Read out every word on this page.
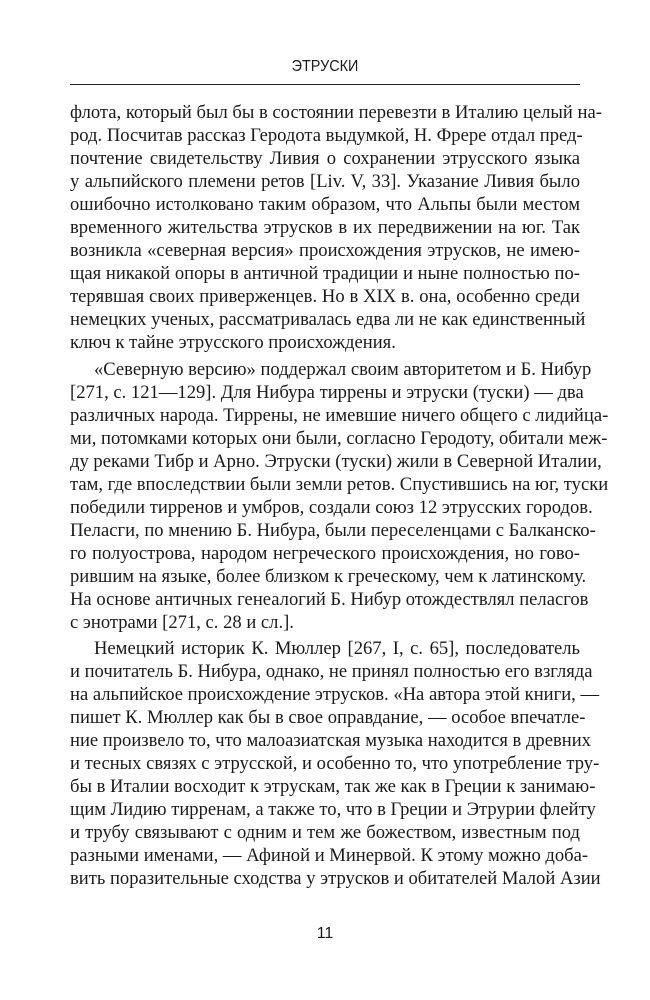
ЭТРУСКИ
флота, который был бы в состоянии перевезти в Италию целый на-
род. Посчитав рассказ Геродота выдумкой, Н. Фрере отдал пред-
почтение свидетельству Ливия о сохранении этрусского языка
у альпийского племени ретов [Liv. V, 33]. Указание Ливия было
ошибочно истолковано таким образом, что Альпы были местом
временного жительства этрусков в их передвижении на юг. Так
возникла «северная версия» происхождения этрусков, не имею-
щая никакой опоры в античной традиции и ныне полностью по-
терявшая своих приверженцев. Но в XIX в. она, особенно среди
немецких ученых, рассматривалась едва ли не как единственный
ключ к тайне этрусского происхождения.
«Северную версию» поддержал своим авторитетом и Б. Нибур
[271, с. 121—129]. Для Нибура тиррены и этруски (туски) — два
различных народа. Тиррены, не имевшие ничего общего с лидийца-
ми, потомками которых они были, согласно Геродоту, обитали меж-
ду реками Тибр и Арно. Этруски (туски) жили в Северной Италии,
там, где впоследствии были земли ретов. Спустившись на юг, туски
победили тирренов и умбров, создали союз 12 этрусских городов.
Пеласги, по мнению Б. Нибура, были переселенцами с Балканско-
го полуострова, народом негреческого происхождения, но гово-
рившим на языке, более близком к греческому, чем к латинскому.
На основе античных генеалогий Б. Нибур отождествлял пеласгов
с энотрами [271, с. 28 и сл.].
Немецкий историк К. Мюллер [267, I, с. 65], последователь
и почитатель Б. Нибура, однако, не принял полностью его взгляда
на альпийское происхождение этрусков. «На автора этой книги, —
пишет К. Мюллер как бы в свое оправдание, — особое впечатле-
ние произвело то, что малоазиатская музыка находится в древних
и тесных связях с этрусской, и особенно то, что употребление тру-
бы в Италии восходит к этрускам, так же как в Греции к занимаю-
щим Лидию тирренам, а также то, что в Греции и Этрурии флейту
и трубу связывают с одним и тем же божеством, известным под
разными именами, — Афиной и Минервой. К этому можно доба-
вить поразительные сходства у этрусков и обитателей Малой Азии
11
